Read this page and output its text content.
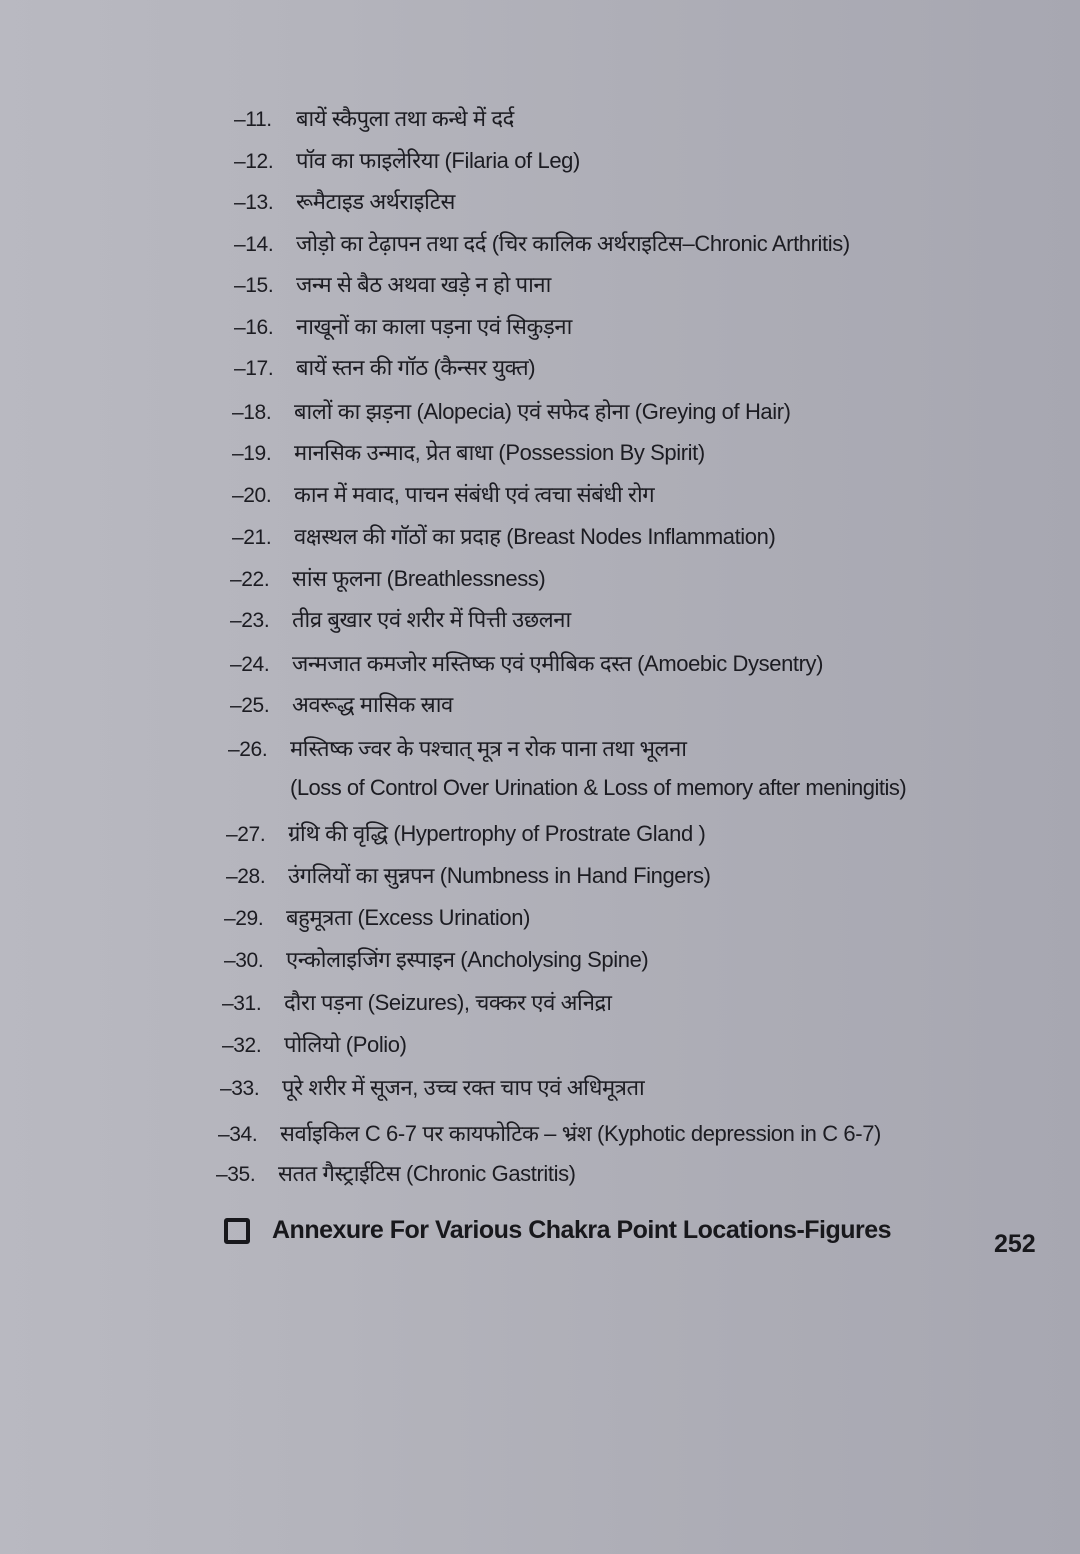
–11.	बायें स्कैपुला तथा कन्धे में दर्द
–12.	पॉव का फाइलेरिया (Filaria of Leg)
–13.	रूमैटाइड अर्थराइटिस
–14.	जोड़ो का टेढ़ापन तथा दर्द (चिर कालिक अर्थराइटिस–Chronic Arthritis)
–15.	जन्म से बैठ अथवा खड़े न हो पाना
–16.	नाखूनों का काला पड़ना एवं सिकुड़ना
–17.	बायें स्तन की गॉठ (कैन्सर युक्त)
–18.	बालों का झड़ना (Alopecia) एवं सफेद होना (Greying of Hair)
–19.	मानसिक उन्माद, प्रेत बाधा (Possession By Spirit)
–20.	कान में मवाद, पाचन संबंधी एवं त्वचा संबंधी रोग
–21.	वक्षस्थल की गॉठों का प्रदाह (Breast Nodes Inflammation)
–22.	सांस फूलना (Breathlessness)
–23.	तीव्र बुखार एवं शरीर में पित्ती उछलना
–24.	जन्मजात कमजोर मस्तिष्क एवं एमीबिक दस्त (Amoebic Dysentry)
–25.	अवरूद्ध मासिक स्राव
–26.	मस्तिष्क ज्वर के पश्चात् मूत्र न रोक पाना तथा भूलना
(Loss of Control Over Urination & Loss of memory after meningitis)
–27.	ग्रंथि की वृद्धि (Hypertrophy of Prostrate Gland )
–28.	उंगलियों का सुन्नपन (Numbness in Hand Fingers)
–29.	बहुमूत्रता (Excess Urination)
–30.	एन्कोलाइजिंग इस्पाइन (Ancholysing Spine)
–31.	दौरा पड़ना (Seizures), चक्कर एवं अनिद्रा
–32.	पोलियो (Polio)
–33.	पूरे शरीर में सूजन, उच्च रक्त चाप एवं अधिमूत्रता
–34.	सर्वाइकिल C 6-7 पर कायफोटिक – भ्रंश (Kyphotic depression in C 6-7)
–35.	सतत गैस्ट्राईटिस (Chronic Gastritis)
Annexure For Various Chakra Point Locations-Figures	252
